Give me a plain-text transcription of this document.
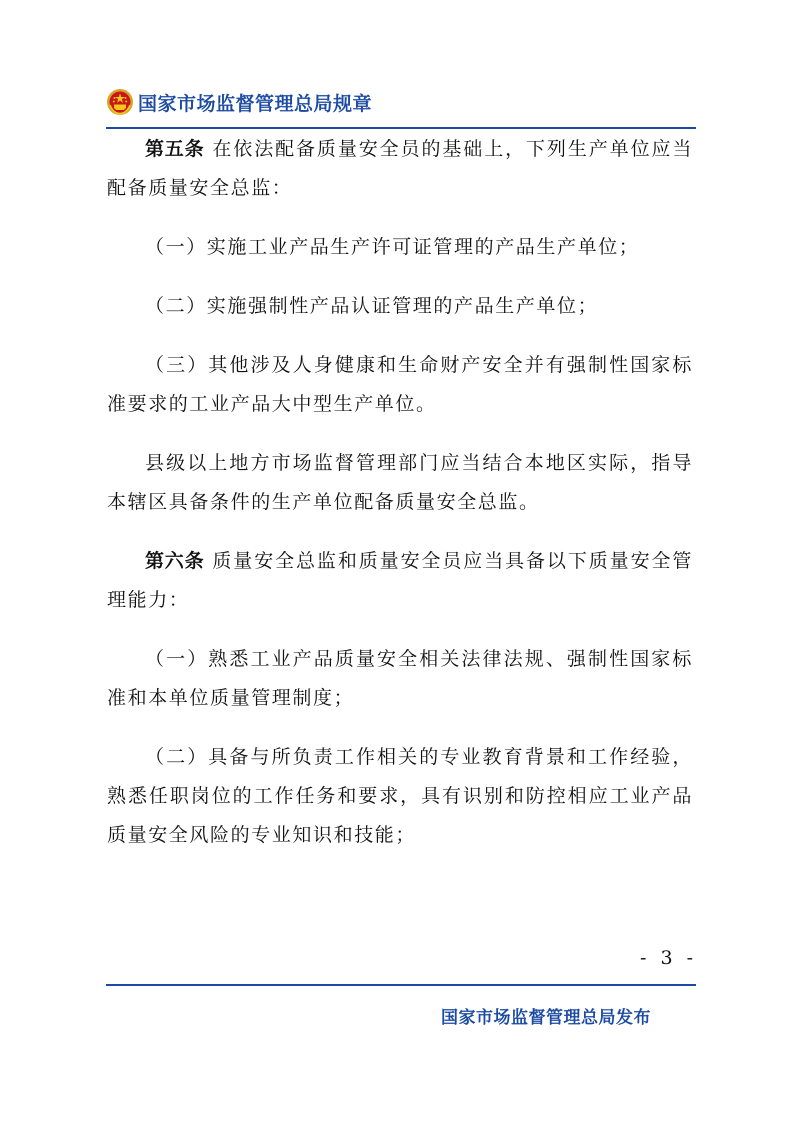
国家市场监督管理总局规章

第五条 在依法配备质量安全员的基础上，下列生产单位应当配备质量安全总监：

（一）实施工业产品生产许可证管理的产品生产单位；

（二）实施强制性产品认证管理的产品生产单位；

（三）其他涉及人身健康和生命财产安全并有强制性国家标准要求的工业产品大中型生产单位。

县级以上地方市场监督管理部门应当结合本地区实际，指导本辖区具备条件的生产单位配备质量安全总监。

第六条 质量安全总监和质量安全员应当具备以下质量安全管理能力：

（一）熟悉工业产品质量安全相关法律法规、强制性国家标准和本单位质量管理制度；

（二）具备与所负责工作相关的专业教育背景和工作经验，熟悉任职岗位的工作任务和要求，具有识别和防控相应工业产品质量安全风险的专业知识和技能；

- 3 -
国家市场监督管理总局发布
